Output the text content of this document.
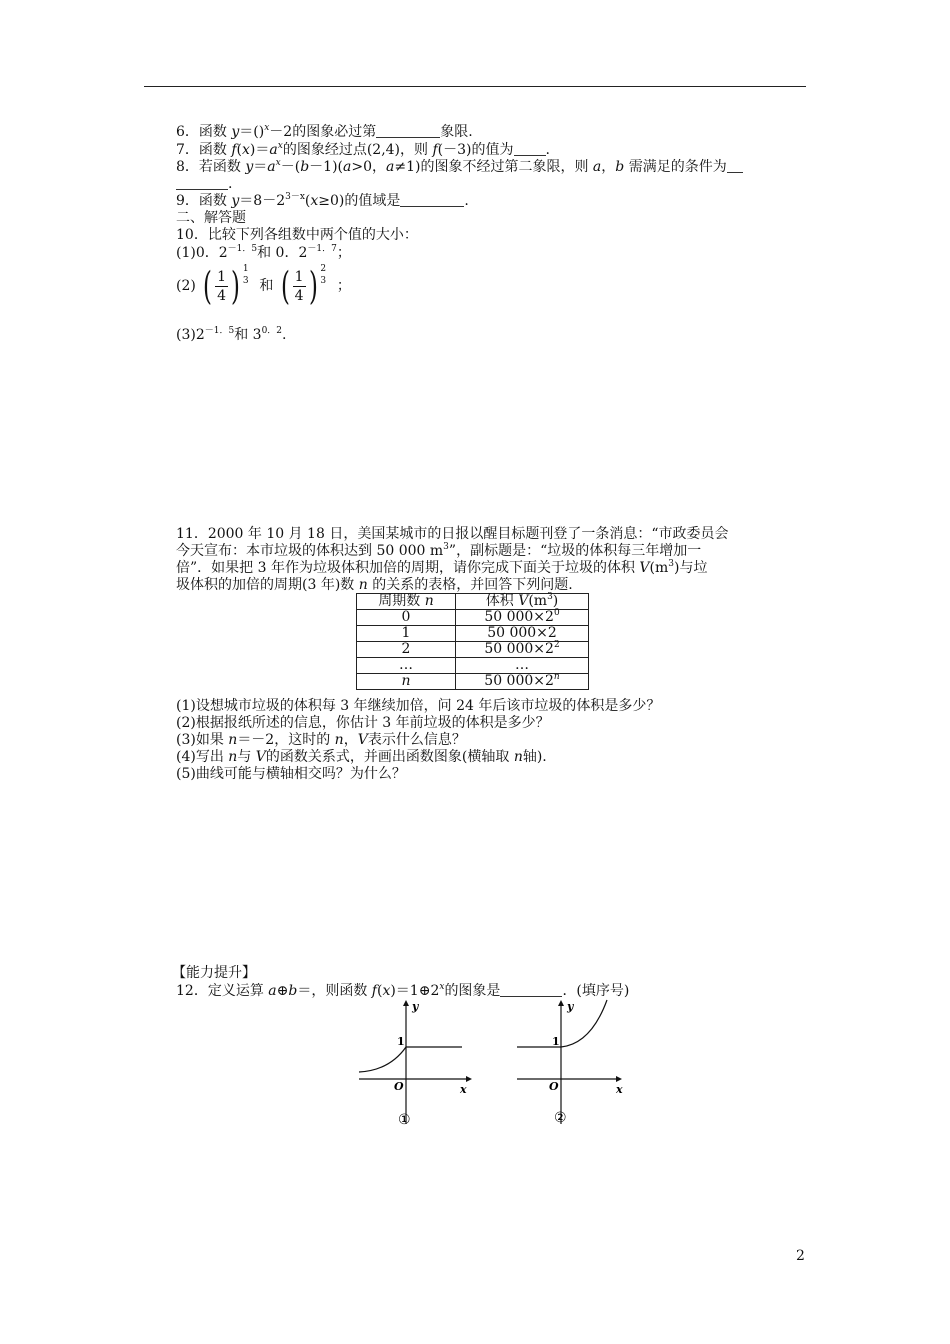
6．函数 y＝()$^x$－2的图象必过第	象限.
7．函数 $f(x)=a^x$的图象经过点(2,4)，则 f(－3)的值为 .
8．若函数 $y=a^x-(b-1)(a>0$，a≠1)的图象不经过第二象限，则 a，b 需满足的条件为
.
9．函数 $y=8-2^{3-x}(x\ge 0)$的值域是	.
二、解答题
10．比较下列各组数中两个值的大小：
(1)0．$2^{-1.5}$和 0．$2^{-1.7}$；
(2) ( $\frac{1}{4}$ ) 1
3 和 ( $\frac{1}{4}$ ) 2
3 ；
$(3)2^{-1.5}$和 $3^{0.2}$.
11．2000 年 10 月 18 日，美国某城市的日报以醒目标题刊登了一条消息：“市政委员会
今天宣布：本市垃圾的体积达到 50 000 $m^3$”，副标题是：“垃圾的体积每三年增加一
倍”．如果把 3 年作为垃圾体积加倍的周期，请你完成下面关于垃圾的体积 $V(m^3)$与垃
圾体积的加倍的周期(3 年)数 n 的关系的表格，并回答下列问题.
周期数 n	体积 $V(m^3)$
0	50 $000\times 2^0$
1	50 000×2
2	50 $000\times 2^2$
…	…
n	50 $000\times 2^n$
(1)设想城市垃圾的体积每 3 年继续加倍，问 24 年后该市垃圾的体积是多少？
(2)根据报纸所述的信息，你估计 3 年前垃圾的体积是多少？
(3)如果 n＝－2，这时的 n，V表示什么信息？
(4)写出 n与 V的函数关系式，并画出函数图象(横轴取 n轴).
(5)曲线可能与横轴相交吗？为什么？
【能力提升】
12．定义运算 a⊕b＝，则函数 $f(x)=1\oplus 2^x$的图象是	．(填序号)
y
x
O
1
①
y
x
O
1
②
2
